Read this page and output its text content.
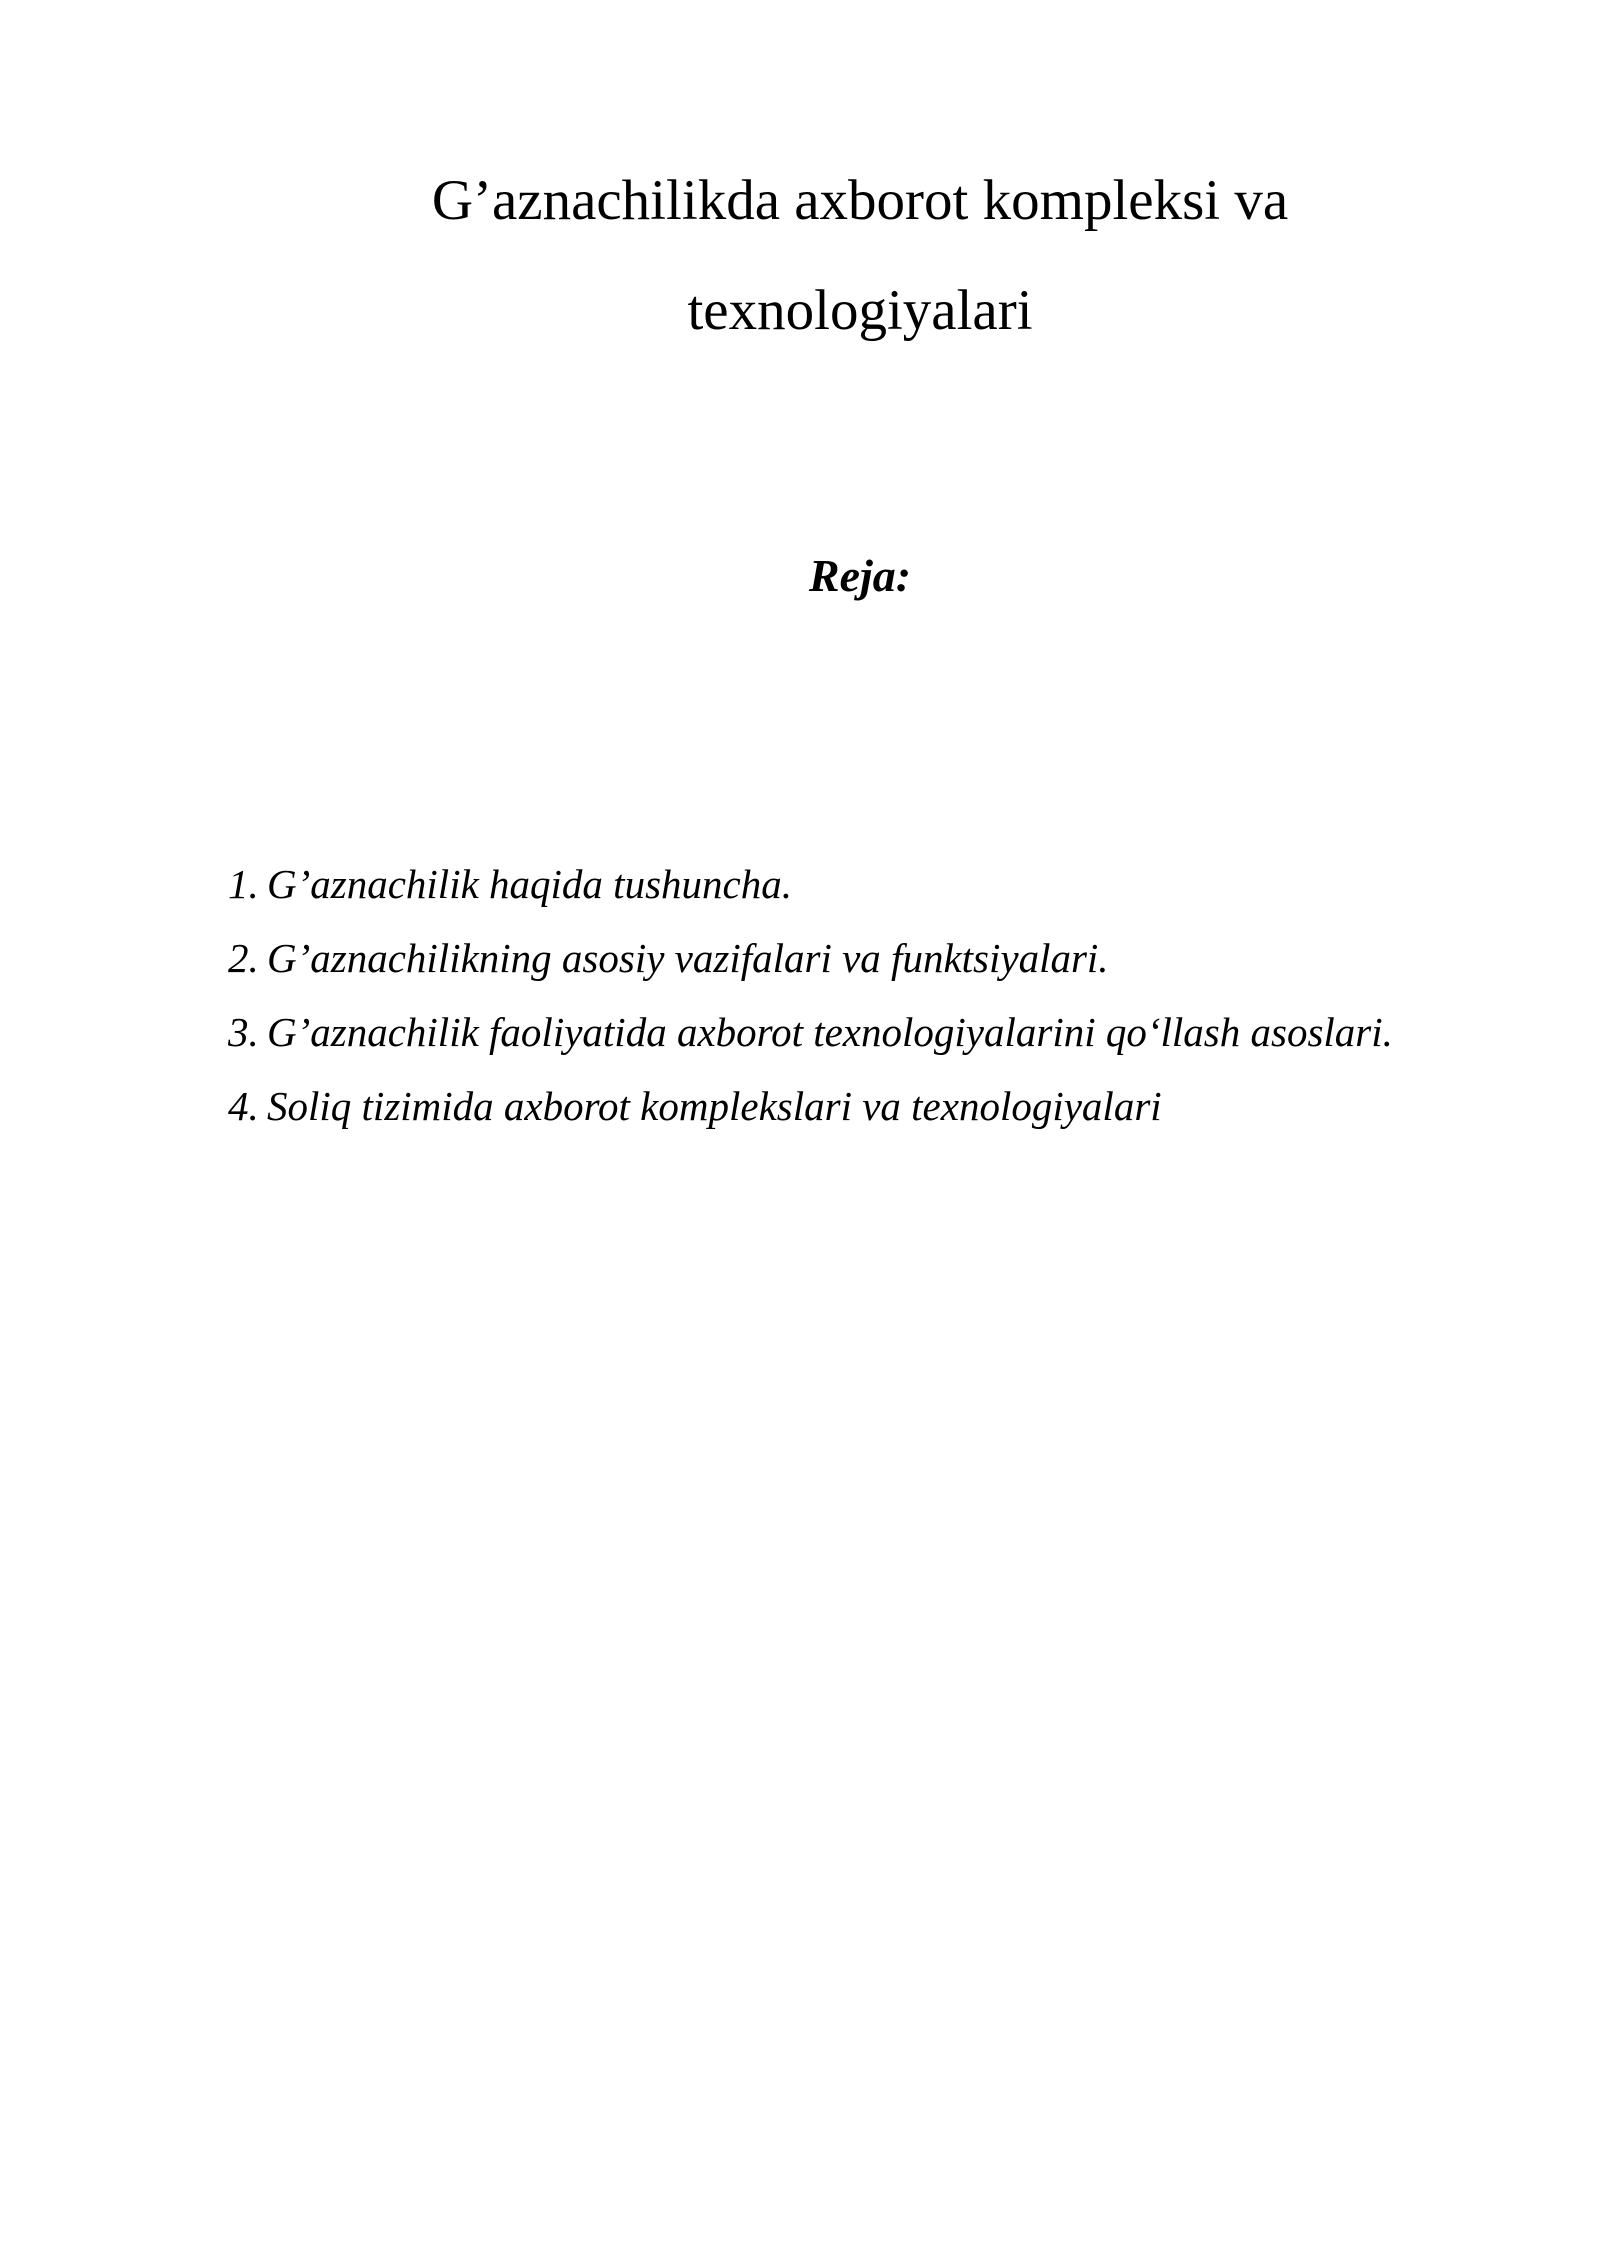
G’aznachilikda axborot kompleksi va
texnologiyalari
Reja:
1. G’aznachilik haqida tushuncha.
2. G’aznachilikning asosiy vazifalari va funktsiyalari.
3. G’aznachilik faoliyatida axborot texnologiyalarini qo‘llash asoslari.
4. Soliq tizimida axborot komplekslari va texnologiyalari
